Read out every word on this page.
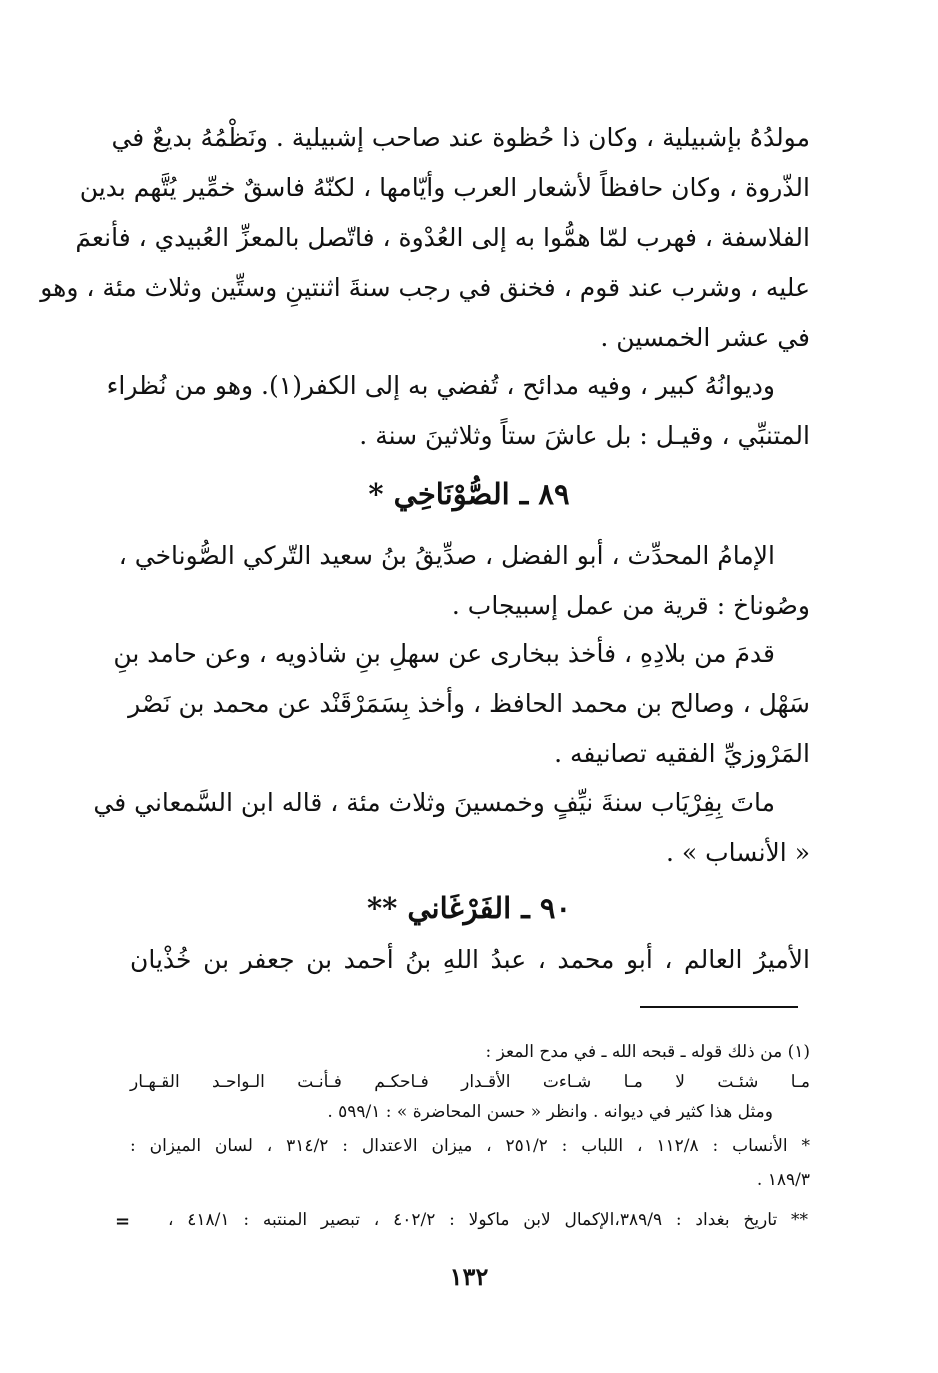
مولدُهُ بإشبيلية ، وكان ذا حُظوة عند صاحب إشبيلية . ونَظْمُهُ بديعٌ في
الذّروة ، وكان حافظاً لأشعار العرب وأيّامها ، لكنّهُ فاسقٌ خمِّير يُتَّهم بدين
الفلاسفة ، فهرب لمّا همُّوا به إلى العُدْوة ، فاتّصل بالمعزِّ العُبيدي ، فأنعمَ
عليه ، وشرب عند قوم ، فخنق في رجب سنةَ اثنتينِ وستِّين وثلاث مئة ، وهو
في عشر الخمسين .
وديوانُهُ كبير ، وفيه مدائح ، تُفضي به إلى الكفر(١). وهو من نُظراء
المتنبِّي ، وقيـل : بل عاشَ ستاً وثلاثينَ سنة .
٨٩ ـ الصُّوْنَاخِي *
الإمامُ المحدِّث ، أبو الفضل ، صدِّيقُ بنُ سعيد التّركي الصُّوناخي ،
وصُوناخ : قرية من عمل إسبيجاب .
قدمَ من بلادِهِ ، فأخذ ببخارى عن سهلِ بنِ شاذويه ، وعن حامد بنِ
سَهْل ، وصالح بن محمد الحافظ ، وأخذ بِسَمَرْقَنْد عن محمد بن نَصْر
المَرْوزيِّ الفقيه تصانيفه .
ماتَ بِفِرْيَاب سنةَ نيِّفٍ وخمسينَ وثلاث مئة ، قاله ابن السَّمعاني في
« الأنساب » .
٩٠ ـ الفَرْغَاني **
الأميرُ العالم ، أبو محمد ، عبدُ اللهِ بنُ أحمد بن جعفر بن خُذْيان
(١) من ذلك قوله ـ قبحه الله ـ في مدح المعز :
مـا شئـت لا مـا شـاءت الأقـدار فـاحكـم فـأنـت الـواحـد القـهـار
ومثل هذا كثير في ديوانه . وانظر « حسن المحاضرة » : ٥٩٩/١ .
* الأنساب : ١١٢/٨ ، اللباب : ٢٥١/٢ ، ميزان الاعتدال : ٣١٤/٢ ، لسان الميزان :
١٨٩/٣ .
** تاريخ بغداد : ٣٨٩/٩،الإكمال لابن ماكولا : ٤٠٢/٢ ، تبصير المنتبه : ٤١٨/١ ،
=
١٣٢
